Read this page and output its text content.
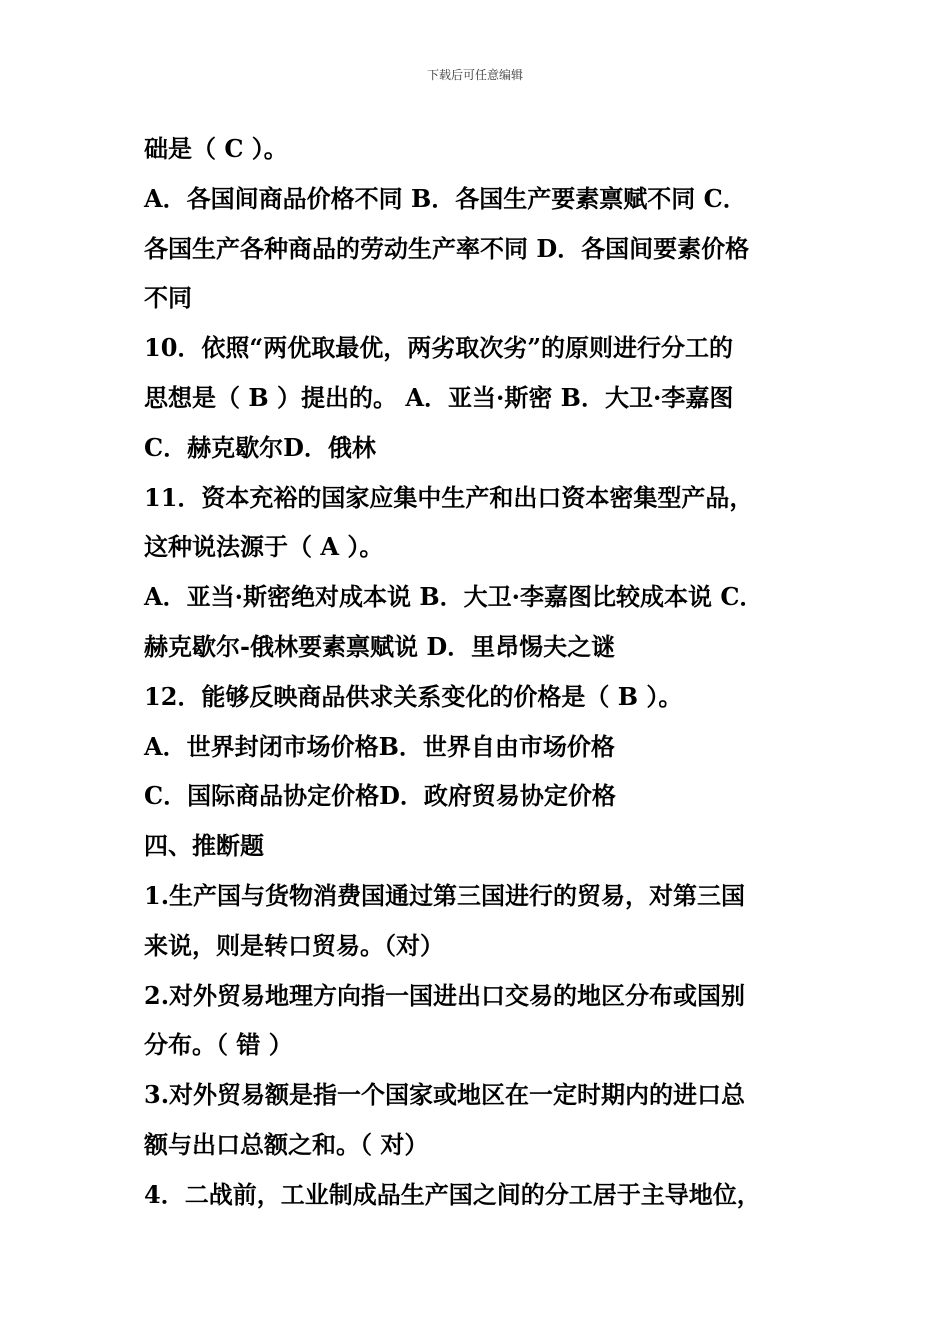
下载后可任意编辑
础是（ C ）。
A．各国间商品价格不同 B．各国生产要素禀赋不同 C．
各国生产各种商品的劳动生产率不同 D．各国间要素价格
不同
10．依照“两优取最优，两劣取次劣”的原则进行分工的
思想是（ B ）提出的。 A．亚当·斯密 B．大卫·李嘉图
C．赫克歇尔D．俄林
11．资本充裕的国家应集中生产和出口资本密集型产品，
这种说法源于（ A ）。
A．亚当·斯密绝对成本说 B．大卫·李嘉图比较成本说 C．
赫克歇尔-俄林要素禀赋说 D．里昂惕夫之谜
12．能够反映商品供求关系变化的价格是（ B ）。
A．世界封闭市场价格B．世界自由市场价格
C．国际商品协定价格D．政府贸易协定价格
四、推断题
1.生产国与货物消费国通过第三国进行的贸易，对第三国
来说，则是转口贸易。（对）
2.对外贸易地理方向指一国进出口交易的地区分布或国别
分布。（ 错 ）
3.对外贸易额是指一个国家或地区在一定时期内的进口总
额与出口总额之和。（ 对）
4．二战前，工业制成品生产国之间的分工居于主导地位，
